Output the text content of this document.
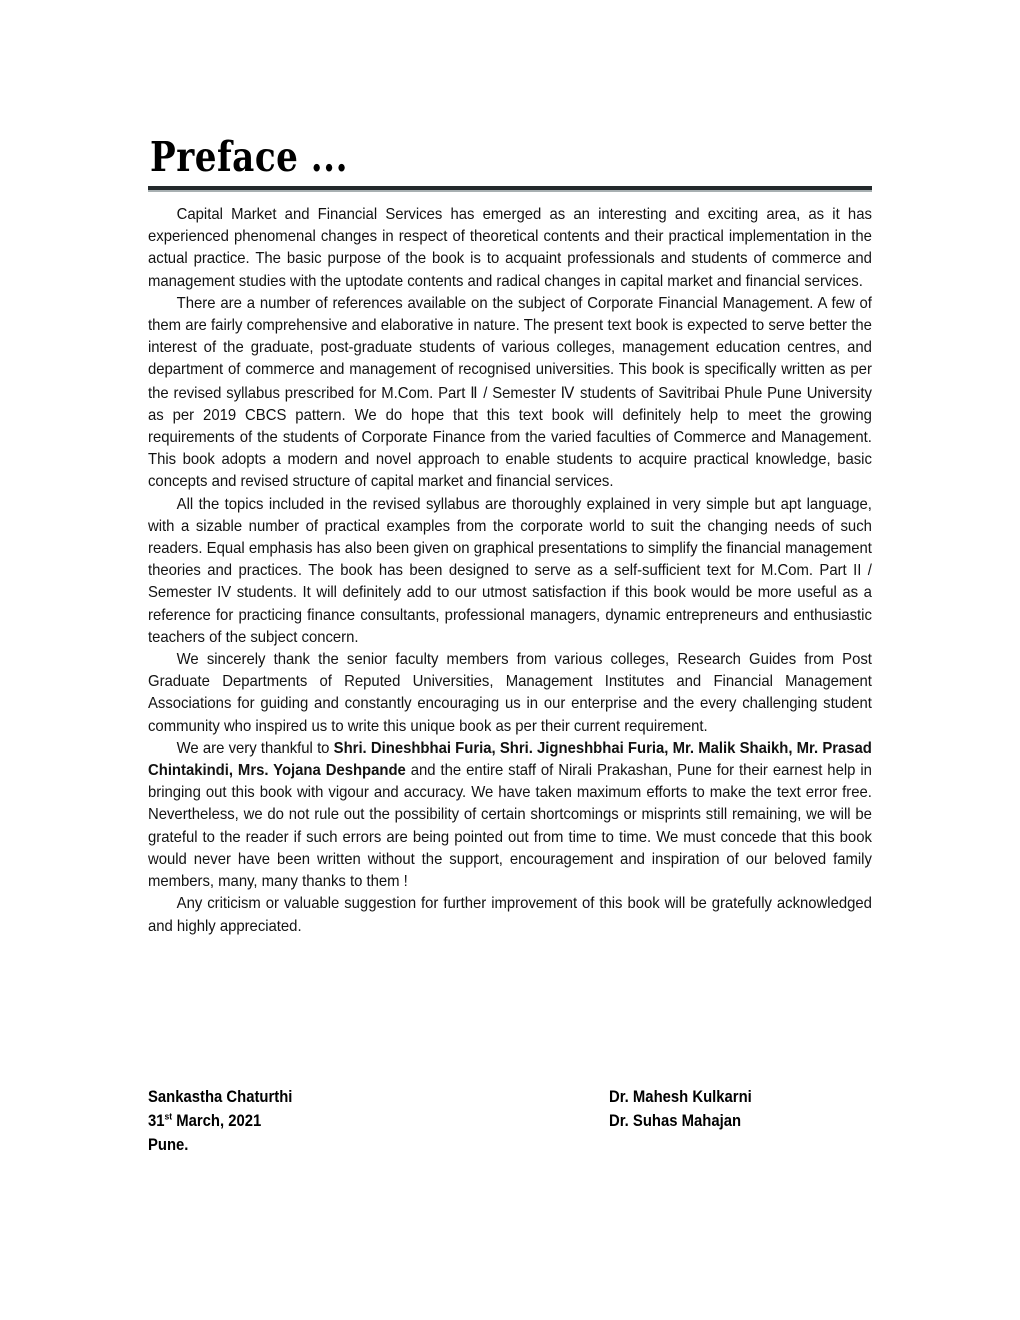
Preface ...

Capital Market and Financial Services has emerged as an interesting and exciting area, as it has experienced phenomenal changes in respect of theoretical contents and their practical implementation in the actual practice. The basic purpose of the book is to acquaint professionals and students of commerce and management studies with the uptodate contents and radical changes in capital market and financial services.

There are a number of references available on the subject of Corporate Financial Management. A few of them are fairly comprehensive and elaborative in nature. The present text book is expected to serve better the interest of the graduate, post-graduate students of various colleges, management education centres, and department of commerce and management of recognised universities. This book is specifically written as per the revised syllabus prescribed for M.Com. Part Ⅱ / Semester Ⅳ students of Savitribai Phule Pune University as per 2019 CBCS pattern. We do hope that this text book will definitely help to meet the growing requirements of the students of Corporate Finance from the varied faculties of Commerce and Management. This book adopts a modern and novel approach to enable students to acquire practical knowledge, basic concepts and revised structure of capital market and financial services.

All the topics included in the revised syllabus are thoroughly explained in very simple but apt language, with a sizable number of practical examples from the corporate world to suit the changing needs of such readers. Equal emphasis has also been given on graphical presentations to simplify the financial management theories and practices. The book has been designed to serve as a self-sufficient text for M.Com. Part II / Semester IV students. It will definitely add to our utmost satisfaction if this book would be more useful as a reference for practicing finance consultants, professional managers, dynamic entrepreneurs and enthusiastic teachers of the subject concern.

We sincerely thank the senior faculty members from various colleges, Research Guides from Post Graduate Departments of Reputed Universities, Management Institutes and Financial Management Associations for guiding and constantly encouraging us in our enterprise and the every challenging student community who inspired us to write this unique book as per their current requirement.

We are very thankful to Shri. Dineshbhai Furia, Shri. Jigneshbhai Furia, Mr. Malik Shaikh, Mr. Prasad Chintakindi, Mrs. Yojana Deshpande and the entire staff of Nirali Prakashan, Pune for their earnest help in bringing out this book with vigour and accuracy. We have taken maximum efforts to make the text error free. Nevertheless, we do not rule out the possibility of certain shortcomings or misprints still remaining, we will be grateful to the reader if such errors are being pointed out from time to time. We must concede that this book would never have been written without the support, encouragement and inspiration of our beloved family members, many, many thanks to them !

Any criticism or valuable suggestion for further improvement of this book will be gratefully acknowledged and highly appreciated.

Sankastha Chaturthi
31st March, 2021
Pune.
Dr. Mahesh Kulkarni
Dr. Suhas Mahajan
